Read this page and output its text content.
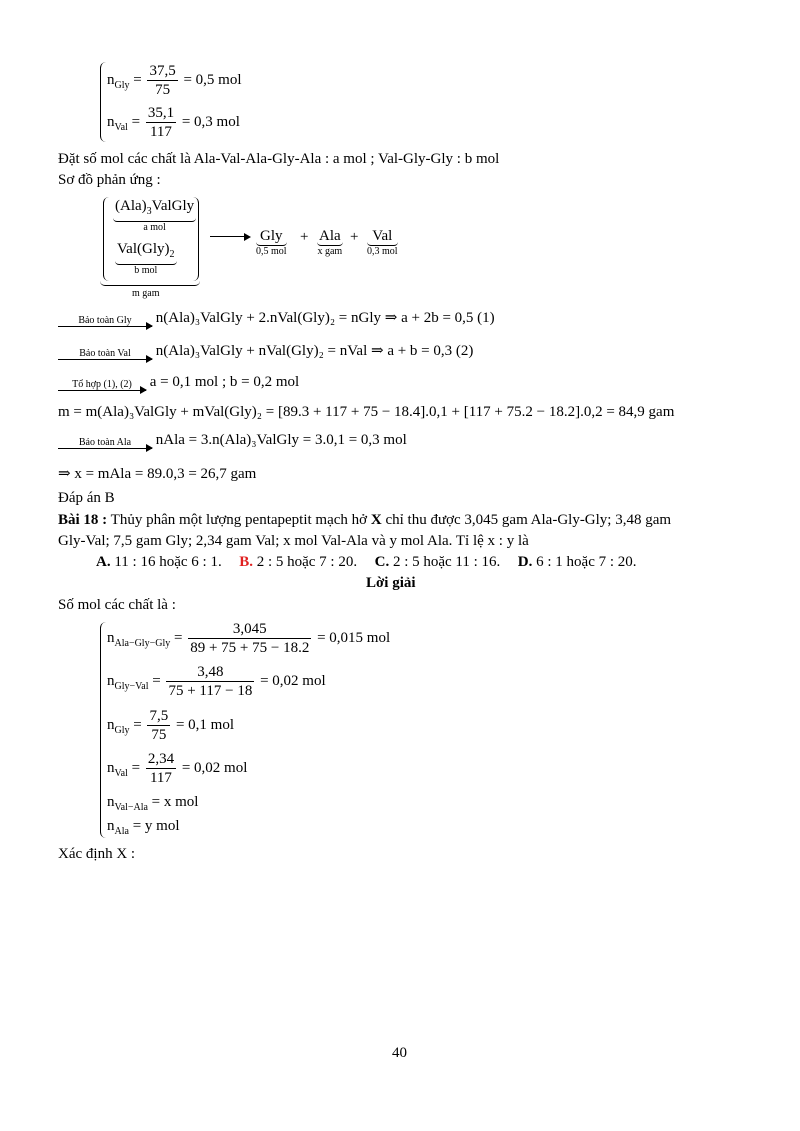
$n_{Gly} = \frac{37,5}{75} = 0,5$ mol
$n_{Val} = \frac{35,1}{117} = 0,3$ mol
Đặt số mol các chất là Ala-Val-Ala-Gly-Ala : a mol ; Val-Gly-Gly : b mol
Sơ đồ phản ứng :
$(Ala)_3ValGly$
a mol
$Val(Gly)_2$
b mol
m gam
Gly
0,5 mol
+ Ala
x gam
+ Val
0,3 mol
Bảo toàn Gly	n(Ala)₃ValGly + 2.nVal(Gly)₂ = nGly ⇒ a + 2b = 0,5 (1)
Bảo toàn Val	n(Ala)₃ValGly + nVal(Gly)₂ = nVal ⇒ a + b = 0,3 (2)
Tổ hợp (1), (2)	a = 0,1 mol ; b = 0,2 mol
m = m(Ala)₃ValGly + mVal(Gly)₂ = [89.3 + 117 + 75 − 18.4].0,1 + [117 + 75.2 − 18.2].0,2 = 84,9 gam
Bảo toàn Ala	nAla = 3.n(Ala)₃ValGly = 3.0,1 = 0,3 mol
⇒ x = mAla = 89.0,3 = 26,7 gam
Đáp án B
Bài 18 : Thủy phân một lượng pentapeptit mạch hở X chỉ thu được 3,045 gam Ala-Gly-Gly; 3,48 gam
Gly-Val; 7,5 gam Gly; 2,34 gam Val; x mol Val-Ala và y mol Ala. Tỉ lệ x : y là
A. 11 : 16 hoặc 6 : 1. B. 2 : 5 hoặc 7 : 20. C. 2 : 5 hoặc 11 : 16. D. 6 : 1 hoặc 7 : 20.
Lời giải
Số mol các chất là :
$n_{Ala-Gly-Gly} = \frac{3,045}{89 + 75 + 75 - 18.2} = 0,015$ mol
$n_{Gly-Val} = \frac{3,48}{75 + 117 - 18} = 0,02$ mol
$n_{Gly} = \frac{7,5}{75} = 0,1$ mol
$n_{Val} = \frac{2,34}{117} = 0,02$ mol
$n_{Val-Ala} = x$ mol
$n_{Ala} = y$ mol
Xác định X :
40
